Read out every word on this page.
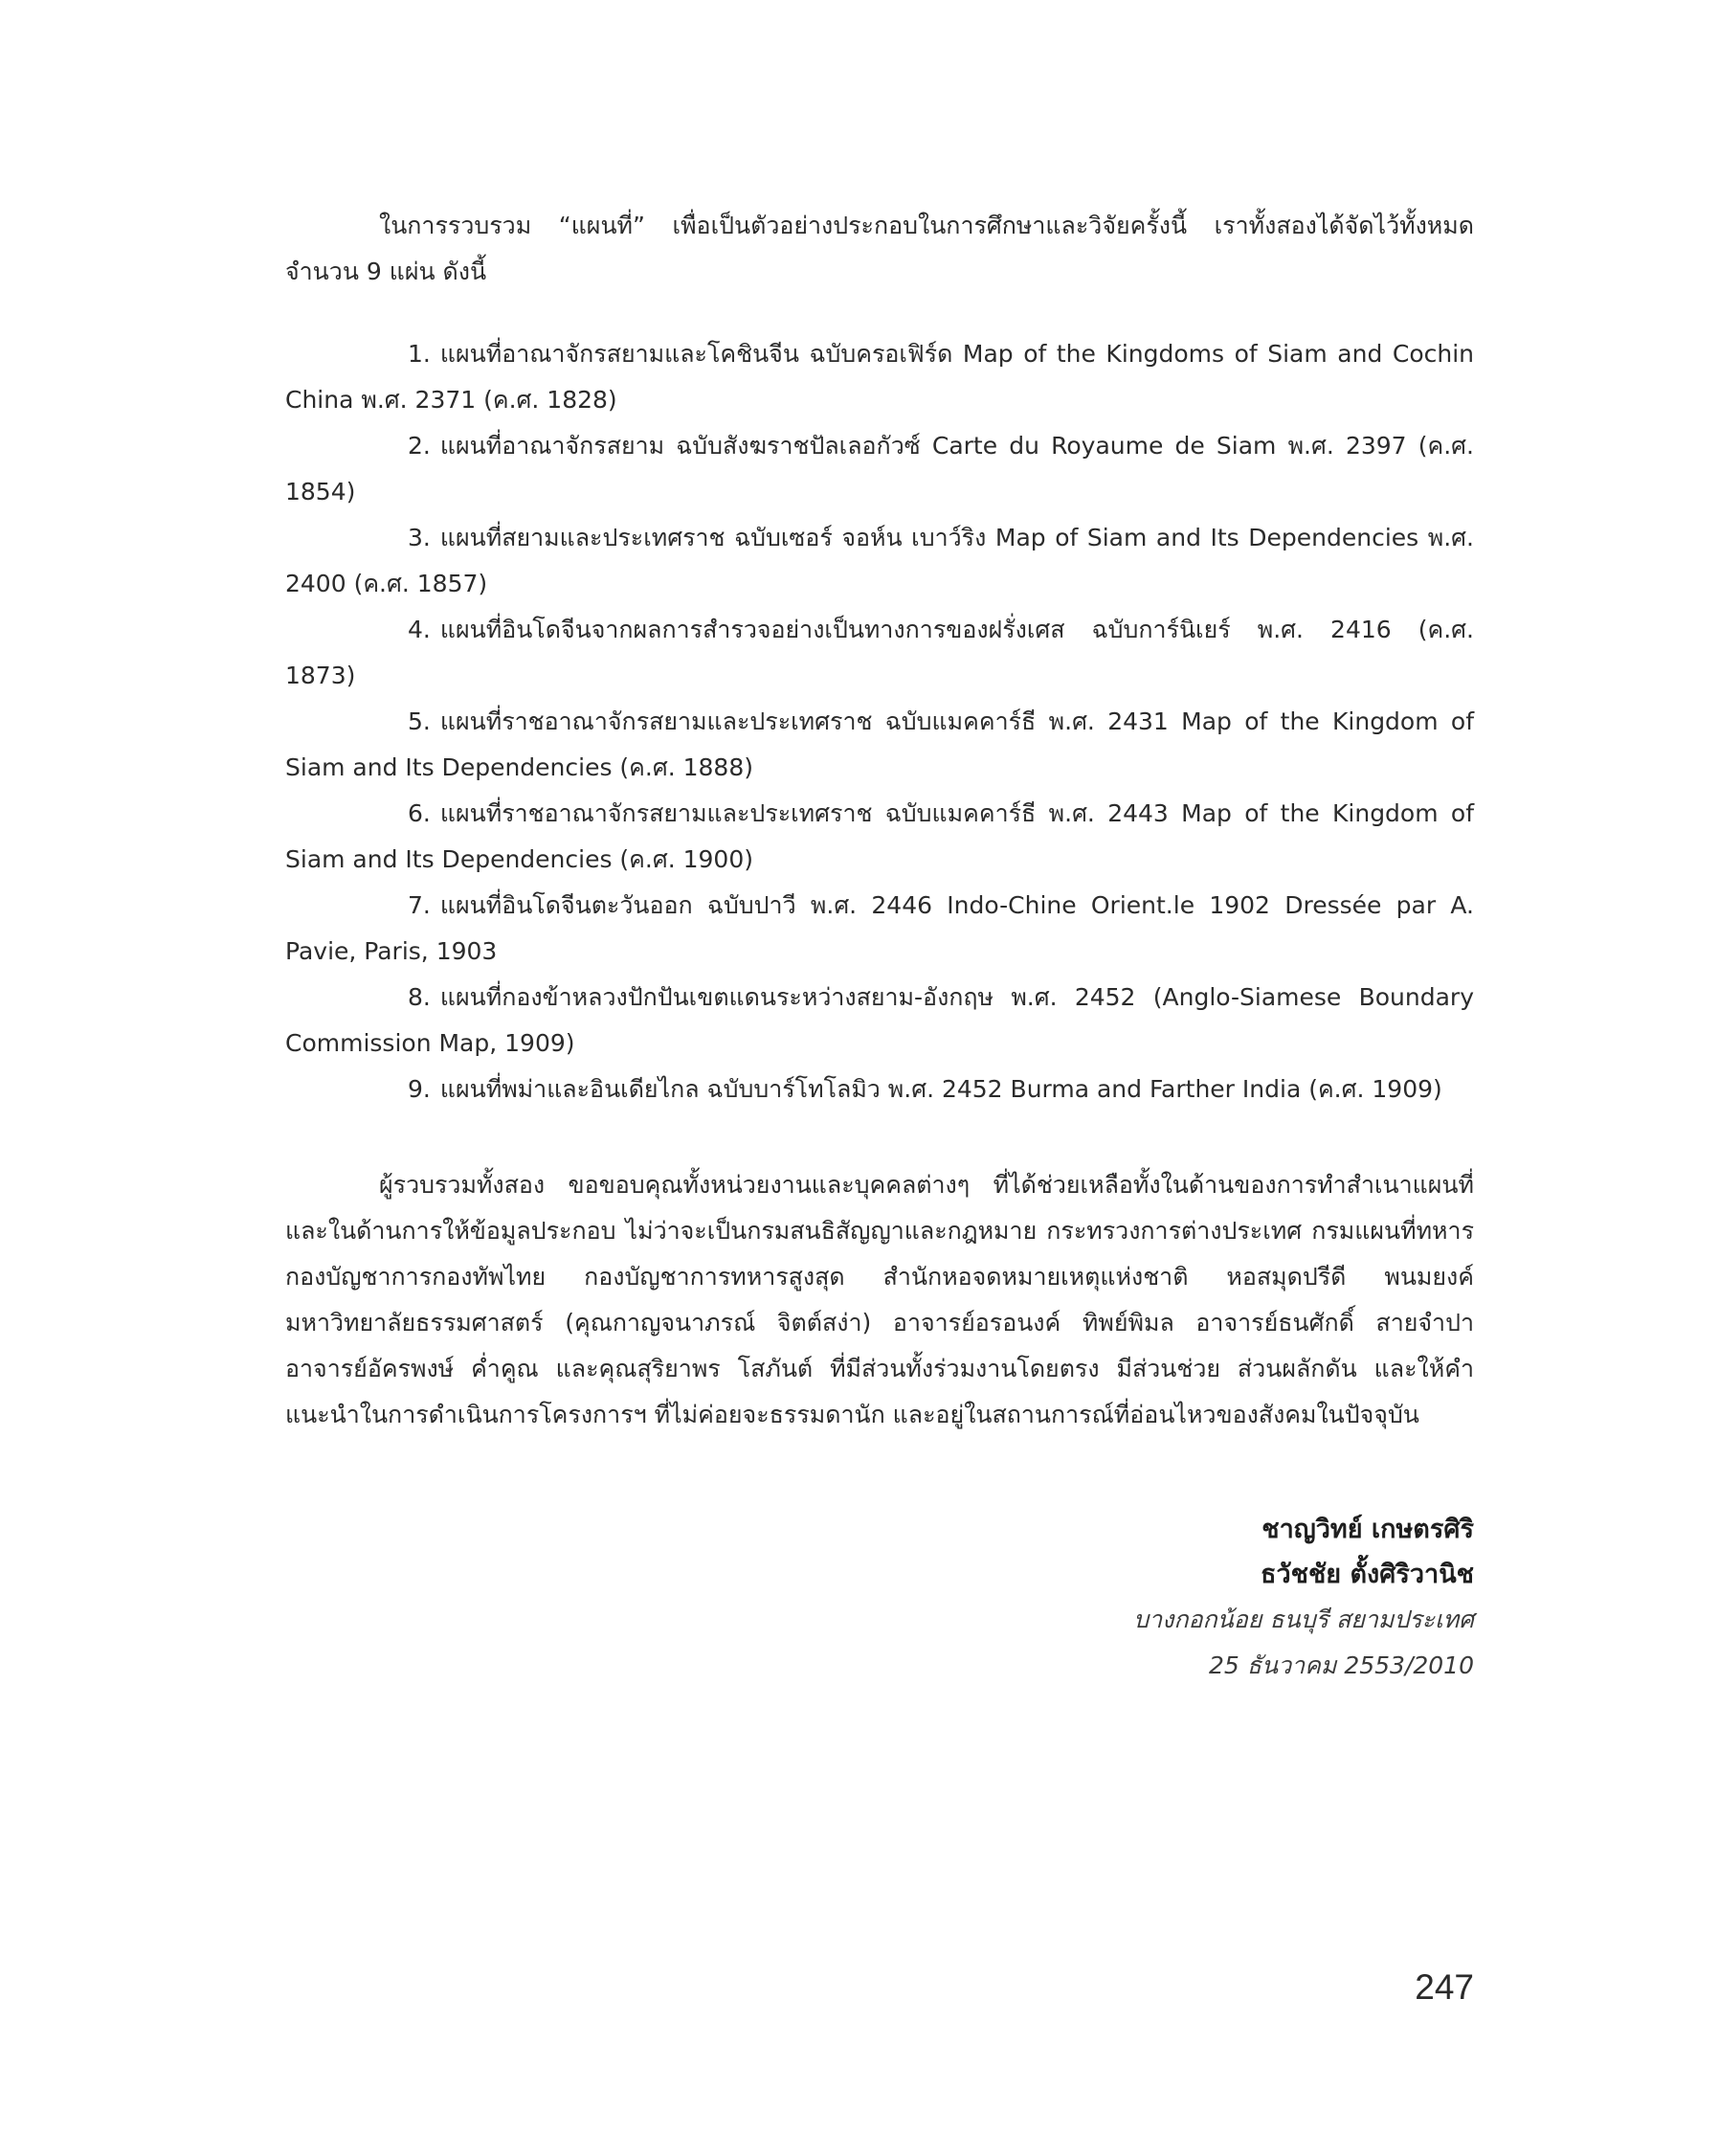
ในการรวบรวม “แผนที่” เพื่อเป็นตัวอย่างประกอบในการศึกษาและวิจัยครั้งนี้ เราทั้งสองได้จัดไว้ทั้งหมดจำนวน 9 แผ่น ดังนี้

1. แผนที่อาณาจักรสยามและโคชินจีน ฉบับครอเฟิร์ด Map of the Kingdoms of Siam and Cochin China พ.ศ. 2371 (ค.ศ. 1828)
2. แผนที่อาณาจักรสยาม ฉบับสังฆราชปัลเลอกัวซ์ Carte du Royaume de Siam พ.ศ. 2397 (ค.ศ. 1854)
3. แผนที่สยามและประเทศราช ฉบับเซอร์ จอห์น เบาว์ริง Map of Siam and Its Dependencies พ.ศ. 2400 (ค.ศ. 1857)
4. แผนที่อินโดจีนจากผลการสำรวจอย่างเป็นทางการของฝรั่งเศส ฉบับการ์นิเยร์ พ.ศ. 2416 (ค.ศ. 1873)
5. แผนที่ราชอาณาจักรสยามและประเทศราช ฉบับแมคคาร์ธี พ.ศ. 2431 Map of the Kingdom of Siam and Its Dependencies (ค.ศ. 1888)
6. แผนที่ราชอาณาจักรสยามและประเทศราช ฉบับแมคคาร์ธี พ.ศ. 2443 Map of the Kingdom of Siam and Its Dependencies (ค.ศ. 1900)
7. แผนที่อินโดจีนตะวันออก ฉบับปาวี พ.ศ. 2446 Indo-Chine Orient.le 1902 Dressée par A. Pavie, Paris, 1903
8. แผนที่กองข้าหลวงปักปันเขตแดนระหว่างสยาม-อังกฤษ พ.ศ. 2452 (Anglo-Siamese Boundary Commission Map, 1909)
9. แผนที่พม่าและอินเดียไกล ฉบับบาร์โทโลมิว พ.ศ. 2452 Burma and Farther India (ค.ศ. 1909)

ผู้รวบรวมทั้งสอง ขอขอบคุณทั้งหน่วยงานและบุคคลต่างๆ ที่ได้ช่วยเหลือทั้งในด้านของการทำสำเนาแผนที่และในด้านการให้ข้อมูลประกอบ ไม่ว่าจะเป็นกรมสนธิสัญญาและกฎหมาย กระทรวงการต่างประเทศ กรมแผนที่ทหาร กองบัญชาการกองทัพไทย กองบัญชาการทหารสูงสุด สำนักหอจดหมายเหตุแห่งชาติ หอสมุดปรีดี พนมยงค์ มหาวิทยาลัยธรรมศาสตร์ (คุณกาญจนาภรณ์ จิตต์สง่า) อาจารย์อรอนงค์ ทิพย์พิมล อาจารย์ธนศักดิ์ สายจำปา อาจารย์อัครพงษ์ ค่ำคูณ และคุณสุริยาพร โสภันต์ ที่มีส่วนทั้งร่วมงานโดยตรง มีส่วนช่วย ส่วนผลักดัน และให้คำแนะนำในการดำเนินการโครงการฯ ที่ไม่ค่อยจะธรรมดานัก และอยู่ในสถานการณ์ที่อ่อนไหวของสังคมในปัจจุบัน

ชาญวิทย์ เกษตรศิริ
ธวัชชัย ตั้งศิริวานิช
บางกอกน้อย ธนบุรี สยามประเทศ
25 ธันวาคม 2553/2010
247
